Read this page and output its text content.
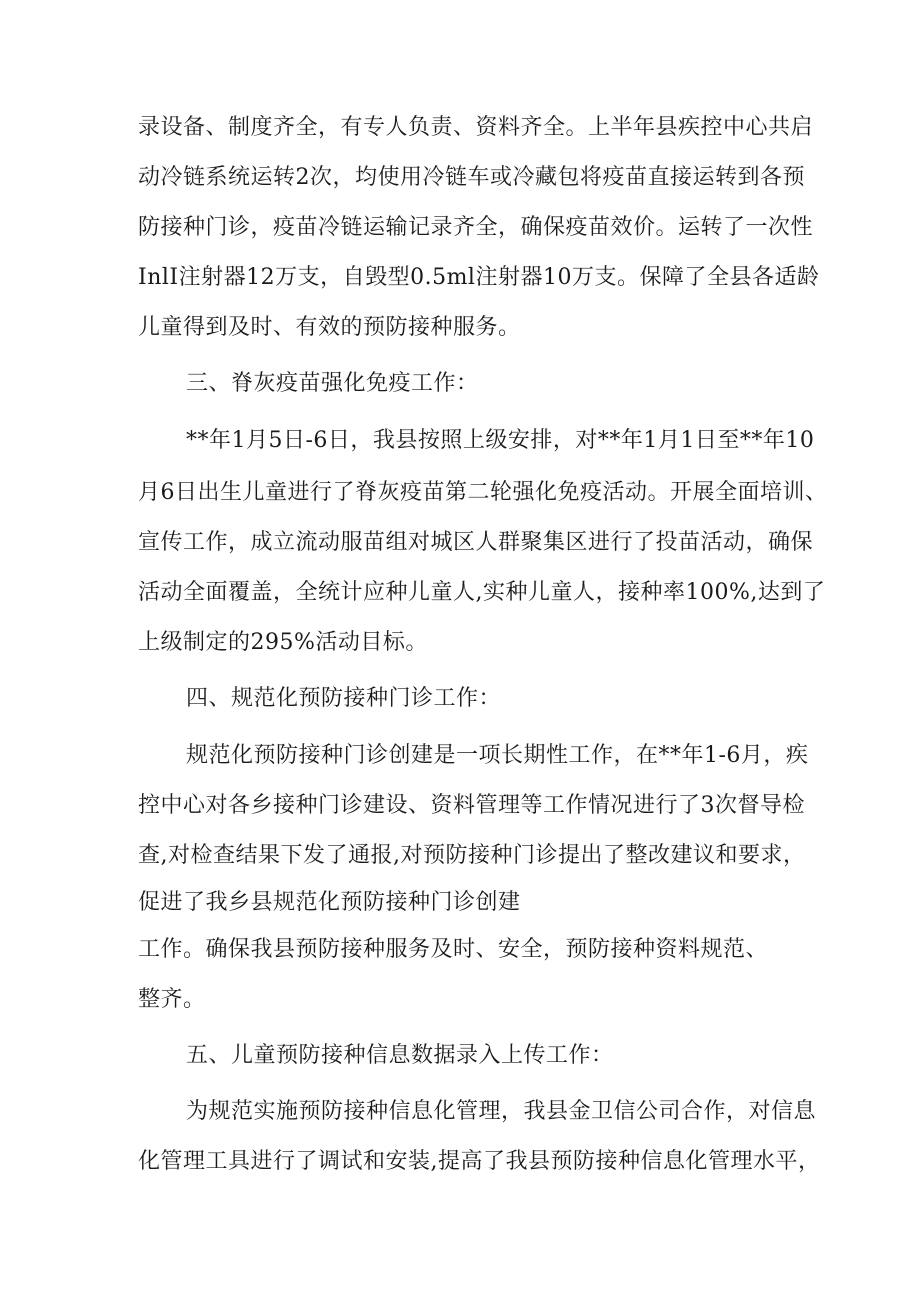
录设备、制度齐全，有专人负责、资料齐全。上半年县疾控中心共启
动冷链系统运转2次，均使用冷链车或冷藏包将疫苗直接运转到各预
防接种门诊，疫苗冷链运输记录齐全，确保疫苗效价。运转了一次性
InlI注射器12万支，自毁型0.5ml注射器10万支。保障了全县各适龄
儿童得到及时、有效的预防接种服务。
三、脊灰疫苗强化免疫工作：
**年1月5日-6日，我县按照上级安排，对**年1月1日至**年10
月6日出生儿童进行了脊灰疫苗第二轮强化免疫活动。开展全面培训、
宣传工作，成立流动服苗组对城区人群聚集区进行了投苗活动，确保
活动全面覆盖，全统计应种儿童人,实种儿童人，接种率100%,达到了
上级制定的295%活动目标。
四、规范化预防接种门诊工作：
规范化预防接种门诊创建是一项长期性工作，在**年1-6月，疾
控中心对各乡接种门诊建设、资料管理等工作情况进行了3次督导检
查,对检查结果下发了通报,对预防接种门诊提出了整改建议和要求，
促进了我乡县规范化预防接种门诊创建
工作。确保我县预防接种服务及时、安全，预防接种资料规范、
整齐。
五、儿童预防接种信息数据录入上传工作：
为规范实施预防接种信息化管理，我县金卫信公司合作，对信息
化管理工具进行了调试和安装,提高了我县预防接种信息化管理水平，
